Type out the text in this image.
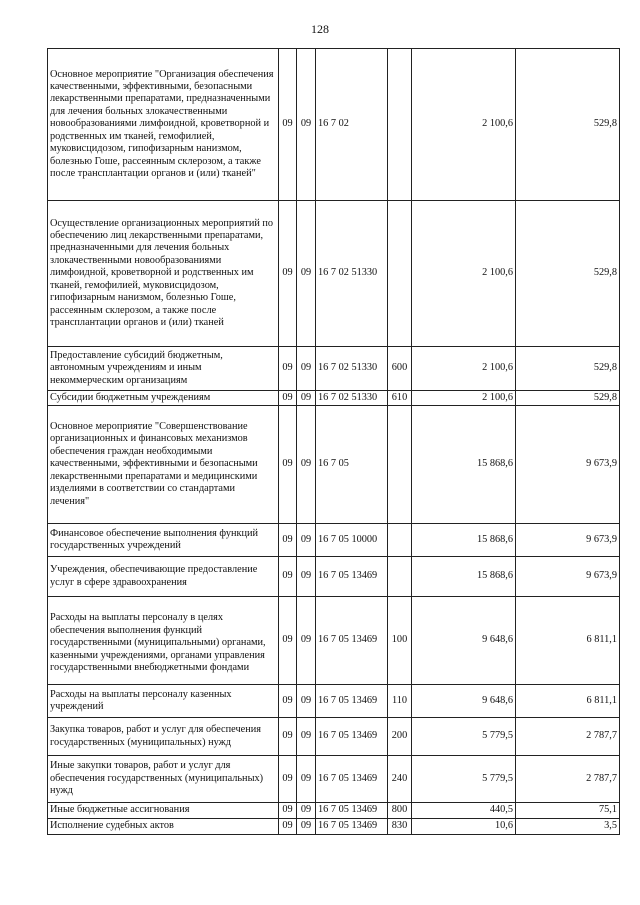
128
Основное мероприятие "Организация обеспечения качественными, эффективными, безопасными лекарственными препаратами, предназначенными для лечения больных злокачественными новообразованиями лимфоидной, кроветворной и родственных им тканей, гемофилией, муковисцидозом, гипофизарным нанизмом, болезнью Гоше, рассеянным склерозом, а также после трансплантации органов и (или) тканей"	09	09	16 7 02		2 100,6	529,8
Осуществление организационных мероприятий по обеспечению лиц лекарственными препаратами, предназначенными для лечения больных злокачественными новообразованиями лимфоидной, кроветворной и родственных им тканей, гемофилией, муковисцидозом, гипофизарным нанизмом, болезнью Гоше, рассеянным склерозом, а также после трансплантации органов и (или) тканей	09	09	16 7 02 51330		2 100,6	529,8
Предоставление субсидий бюджетным, автономным учреждениям и иным некоммерческим организациям	09	09	16 7 02 51330	600	2 100,6	529,8
Субсидии бюджетным учреждениям	09	09	16 7 02 51330	610	2 100,6	529,8
Основное мероприятие "Совершенствование организационных и финансовых механизмов обеспечения граждан необходимыми качественными, эффективными и безопасными лекарственными препаратами и медицинскими изделиями в соответствии со стандартами лечения"	09	09	16 7 05		15 868,6	9 673,9
Финансовое обеспечение выполнения функций государственных учреждений	09	09	16 7 05 10000		15 868,6	9 673,9
Учреждения, обеспечивающие предоставление услуг в сфере здравоохранения	09	09	16 7 05 13469		15 868,6	9 673,9
Расходы на выплаты персоналу в целях обеспечения выполнения функций государственными (муниципальными) органами, казенными учреждениями, органами управления государственными внебюджетными фондами	09	09	16 7 05 13469	100	9 648,6	6 811,1
Расходы на выплаты персоналу казенных учреждений	09	09	16 7 05 13469	110	9 648,6	6 811,1
Закупка товаров, работ и услуг для обеспечения государственных (муниципальных) нужд	09	09	16 7 05 13469	200	5 779,5	2 787,7
Иные закупки товаров, работ и услуг для обеспечения государственных (муниципальных) нужд	09	09	16 7 05 13469	240	5 779,5	2 787,7
Иные бюджетные ассигнования	09	09	16 7 05 13469	800	440,5	75,1
Исполнение судебных актов	09	09	16 7 05 13469	830	10,6	3,5
